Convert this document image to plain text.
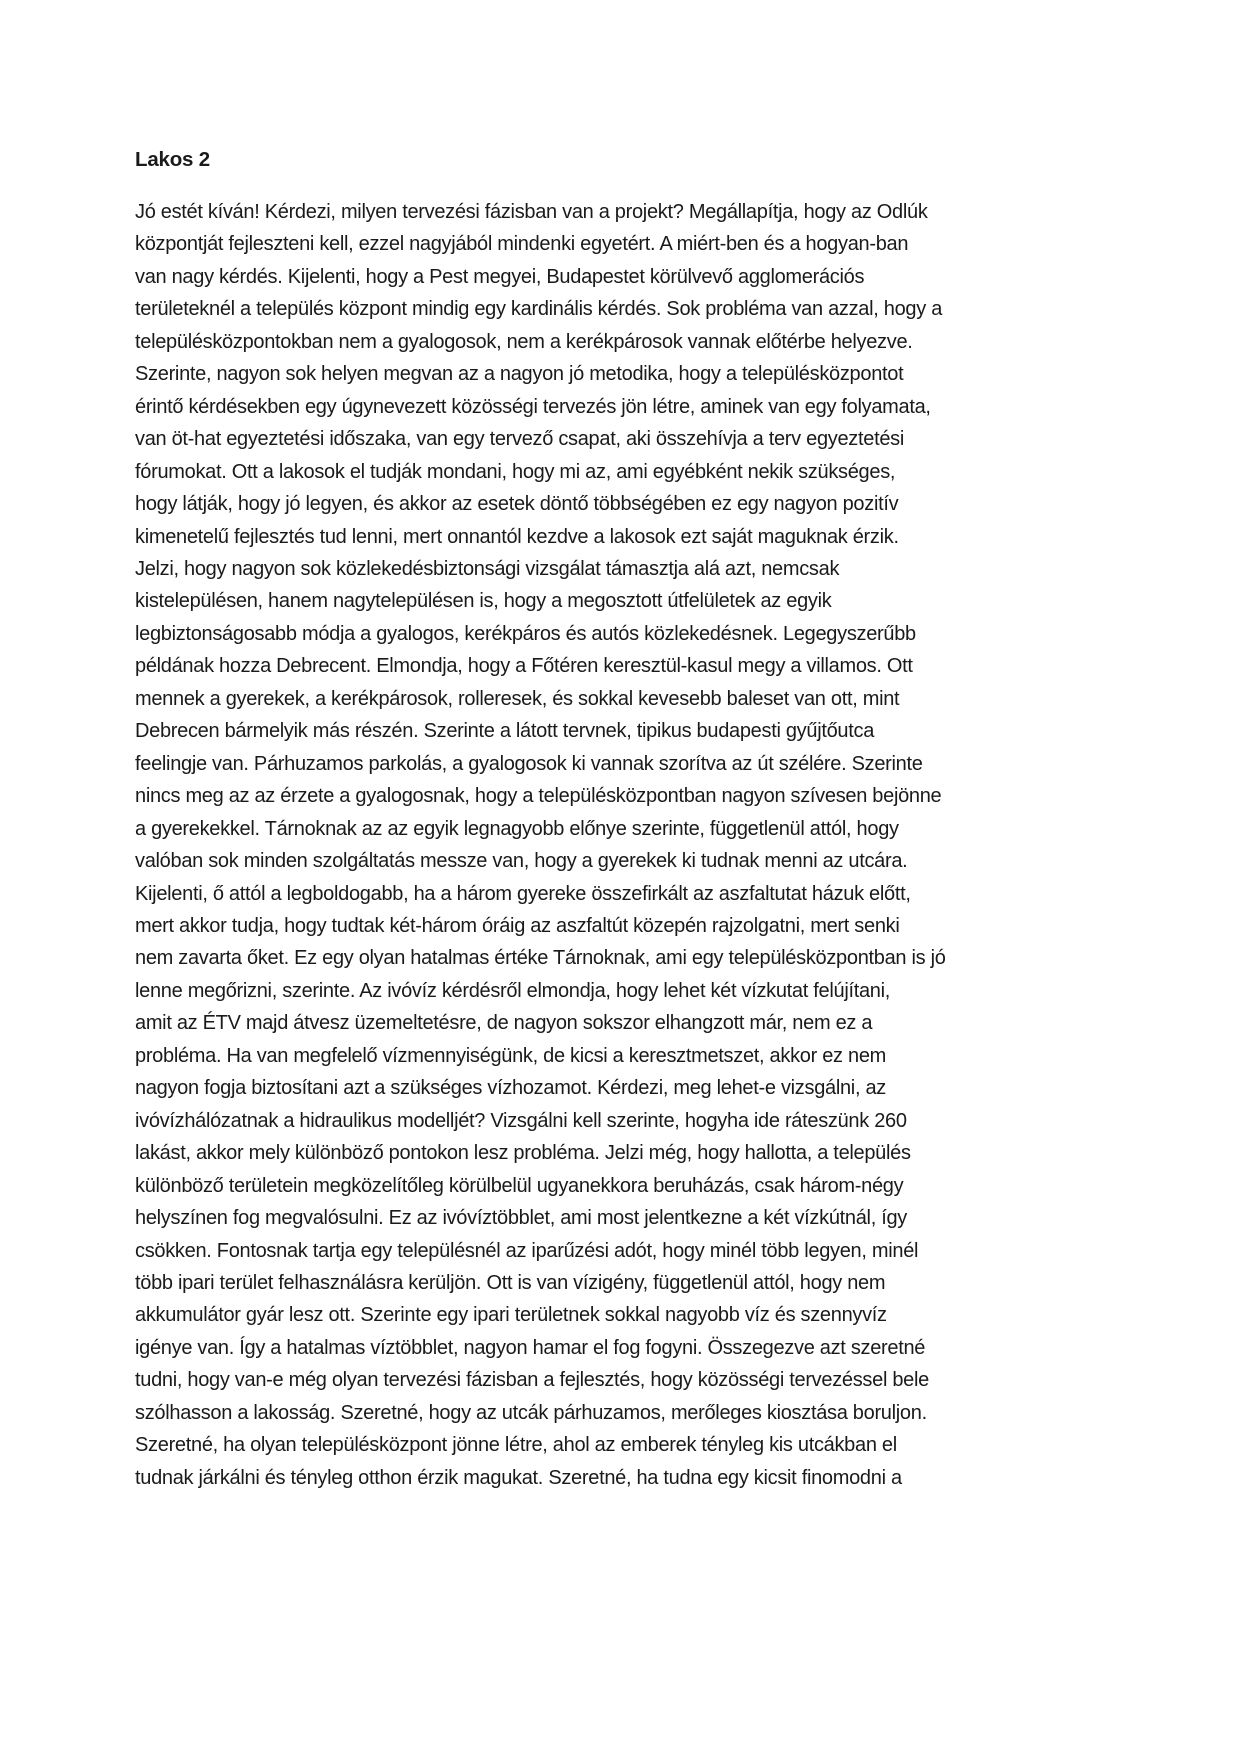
Lakos 2
Jó estét kíván! Kérdezi, milyen tervezési fázisban van a projekt? Megállapítja, hogy az Odlúk
központját fejleszteni kell, ezzel nagyjából mindenki egyetért. A miért-ben és a hogyan-ban
van nagy kérdés. Kijelenti, hogy a Pest megyei, Budapestet körülvevő agglomerációs
területeknél a település központ mindig egy kardinális kérdés. Sok probléma van azzal, hogy a
településközpontokban nem a gyalogosok, nem a kerékpárosok vannak előtérbe helyezve.
Szerinte, nagyon sok helyen megvan az a nagyon jó metodika, hogy a településközpontot
érintő kérdésekben egy úgynevezett közösségi tervezés jön létre, aminek van egy folyamata,
van öt-hat egyeztetési időszaka, van egy tervező csapat, aki összehívja a terv egyeztetési
fórumokat. Ott a lakosok el tudják mondani, hogy mi az, ami egyébként nekik szükséges,
hogy látják, hogy jó legyen, és akkor az esetek döntő többségében ez egy nagyon pozitív
kimenetelű fejlesztés tud lenni, mert onnantól kezdve a lakosok ezt saját maguknak érzik.
Jelzi, hogy nagyon sok közlekedésbiztonsági vizsgálat támasztja alá azt, nemcsak
kistelepülésen, hanem nagytelepülésen is, hogy a megosztott útfelületek az egyik
legbiztonságosabb módja a gyalogos, kerékpáros és autós közlekedésnek. Legegyszerűbb
példának hozza Debrecent. Elmondja, hogy a Főtéren keresztül-kasul megy a villamos. Ott
mennek a gyerekek, a kerékpárosok, rolleresek, és sokkal kevesebb baleset van ott, mint
Debrecen bármelyik más részén. Szerinte a látott tervnek, tipikus budapesti gyűjtőutca
feelingje van. Párhuzamos parkolás, a gyalogosok ki vannak szorítva az út szélére. Szerinte
nincs meg az az érzete a gyalogosnak, hogy a településközpontban nagyon szívesen bejönne
a gyerekekkel. Tárnoknak az az egyik legnagyobb előnye szerinte, függetlenül attól, hogy
valóban sok minden szolgáltatás messze van, hogy a gyerekek ki tudnak menni az utcára.
Kijelenti, ő attól a legboldogabb, ha a három gyereke összefirkált az aszfaltutat házuk előtt,
mert akkor tudja, hogy tudtak két-három óráig az aszfaltút közepén rajzolgatni, mert senki
nem zavarta őket. Ez egy olyan hatalmas értéke Tárnoknak, ami egy településközpontban is jó
lenne megőrizni, szerinte. Az ivóvíz kérdésről elmondja, hogy lehet két vízkutat felújítani,
amit az ÉTV majd átvesz üzemeltetésre, de nagyon sokszor elhangzott már, nem ez a
probléma. Ha van megfelelő vízmennyiségünk, de kicsi a keresztmetszet, akkor ez nem
nagyon fogja biztosítani azt a szükséges vízhozamot. Kérdezi, meg lehet-e vizsgálni, az
ivóvízhálózatnak a hidraulikus modelljét? Vizsgálni kell szerinte, hogyha ide ráteszünk 260
lakást, akkor mely különböző pontokon lesz probléma. Jelzi még, hogy hallotta, a település
különböző területein megközelítőleg körülbelül ugyanekkora beruházás, csak három-négy
helyszínen fog megvalósulni. Ez az ivóvíztöbblet, ami most jelentkezne a két vízkútnál, így
csökken. Fontosnak tartja egy településnél az iparűzési adót, hogy minél több legyen, minél
több ipari terület felhasználásra kerüljön. Ott is van vízigény, függetlenül attól, hogy nem
akkumulátor gyár lesz ott. Szerinte egy ipari területnek sokkal nagyobb víz és szennyvíz
igénye van. Így a hatalmas víztöbblet, nagyon hamar el fog fogyni. Összegezve azt szeretné
tudni, hogy van-e még olyan tervezési fázisban a fejlesztés, hogy közösségi tervezéssel bele
szólhasson a lakosság. Szeretné, hogy az utcák párhuzamos, merőleges kiosztása boruljon.
Szeretné, ha olyan településközpont jönne létre, ahol az emberek tényleg kis utcákban el
tudnak járkálni és tényleg otthon érzik magukat. Szeretné, ha tudna egy kicsit finomodni a
